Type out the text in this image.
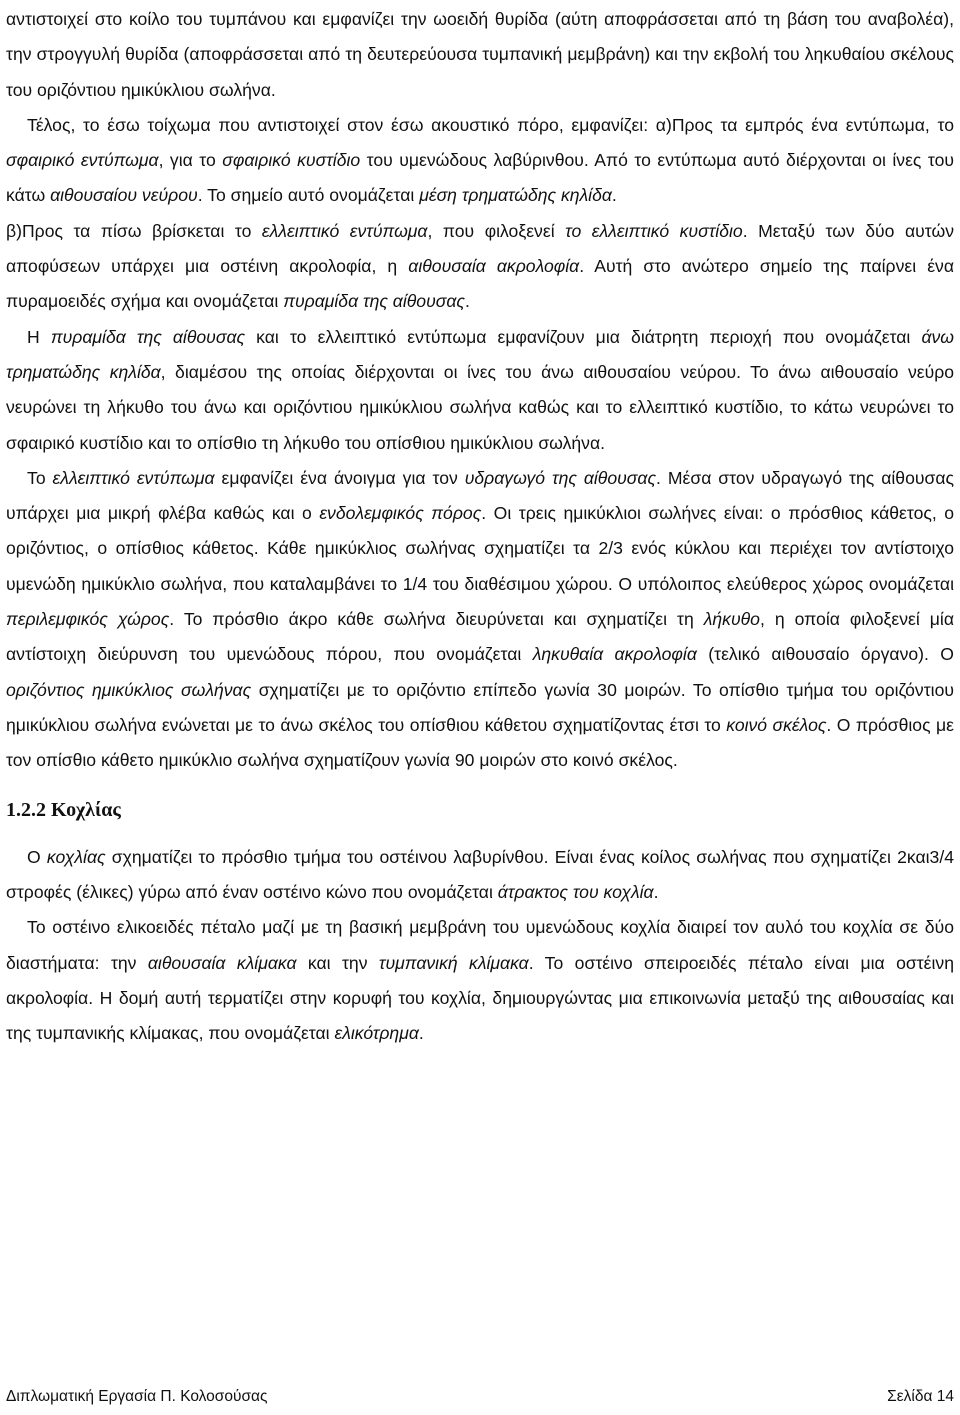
αντιστοιχεί στο κοίλο του τυμπάνου και εμφανίζει την ωοειδή θυρίδα (αύτη αποφράσσεται από τη βάση του αναβολέα), την στρογγυλή θυρίδα (αποφράσσεται από τη δευτερεύουσα τυμπανική μεμβράνη) και την εκβολή του ληκυθαίου σκέλους του οριζόντιου ημικύκλιου σωλήνα.

Τέλος, το έσω τοίχωμα που αντιστοιχεί στον έσω ακουστικό πόρο, εμφανίζει: α)Προς τα εμπρός ένα εντύπωμα, το σφαιρικό εντύπωμα, για το σφαιρικό κυστίδιο του υμενώδους λαβύρινθου. Από το εντύπωμα αυτό διέρχονται οι ίνες του κάτω αιθουσαίου νεύρου. Το σημείο αυτό ονομάζεται μέση τρηματώδης κηλίδα.

β)Προς τα πίσω βρίσκεται το ελλειπτικό εντύπωμα, που φιλοξενεί το ελλειπτικό κυστίδιο. Μεταξύ των δύο αυτών αποφύσεων υπάρχει μια οστέινη ακρολοφία, η αιθουσαία ακρολοφία. Αυτή στο ανώτερο σημείο της παίρνει ένα πυραμοειδές σχήμα και ονομάζεται πυραμίδα της αίθουσας.

Η πυραμίδα της αίθουσας και το ελλειπτικό εντύπωμα εμφανίζουν μια διάτρητη περιοχή που ονομάζεται άνω τρηματώδης κηλίδα, διαμέσου της οποίας διέρχονται οι ίνες του άνω αιθουσαίου νεύρου. Το άνω αιθουσαίο νεύρο νευρώνει τη λήκυθο του άνω και οριζόντιου ημικύκλιου σωλήνα καθώς και το ελλειπτικό κυστίδιο, το κάτω νευρώνει το σφαιρικό κυστίδιο και το οπίσθιο τη λήκυθο του οπίσθιου ημικύκλιου σωλήνα.

Το ελλειπτικό εντύπωμα εμφανίζει ένα άνοιγμα για τον υδραγωγό της αίθουσας. Μέσα στον υδραγωγό της αίθουσας υπάρχει μια μικρή φλέβα καθώς και ο ενδολεμφικός πόρος. Οι τρεις ημικύκλιοι σωλήνες είναι: ο πρόσθιος κάθετος, ο οριζόντιος, ο οπίσθιος κάθετος. Κάθε ημικύκλιος σωλήνας σχηματίζει τα 2/3 ενός κύκλου και περιέχει τον αντίστοιχο υμενώδη ημικύκλιο σωλήνα, που καταλαμβάνει το 1/4 του διαθέσιμου χώρου. Ο υπόλοιπος ελεύθερος χώρος ονομάζεται περιλεμφικός χώρος. Το πρόσθιο άκρο κάθε σωλήνα διευρύνεται και σχηματίζει τη λήκυθο, η οποία φιλοξενεί μία αντίστοιχη διεύρυνση του υμενώδους πόρου, που ονομάζεται ληκυθαία ακρολοφία (τελικό αιθουσαίο όργανο). Ο οριζόντιος ημικύκλιος σωλήνας σχηματίζει με το οριζόντιο επίπεδο γωνία 30 μοιρών. Το οπίσθιο τμήμα του οριζόντιου ημικύκλιου σωλήνα ενώνεται με το άνω σκέλος του οπίσθιου κάθετου σχηματίζοντας έτσι το κοινό σκέλος. Ο πρόσθιος με τον οπίσθιο κάθετο ημικύκλιο σωλήνα σχηματίζουν γωνία 90 μοιρών στο κοινό σκέλος.

1.2.2 Κοχλίας

Ο κοχλίας σχηματίζει το πρόσθιο τμήμα του οστέινου λαβυρίνθου. Είναι ένας κοίλος σωλήνας που σχηματίζει 2και3/4 στροφές (έλικες) γύρω από έναν οστέινο κώνο που ονομάζεται άτρακτος του κοχλία.

Το οστέινο ελικοειδές πέταλο μαζί με τη βασική μεμβράνη του υμενώδους κοχλία διαιρεί τον αυλό του κοχλία σε δύο διαστήματα: την αιθουσαία κλίμακα και την τυμπανική κλίμακα. Το οστέινο σπειροειδές πέταλο είναι μια οστέινη ακρολοφία. Η δομή αυτή τερματίζει στην κορυφή του κοχλία, δημιουργώντας μια επικοινωνία μεταξύ της αιθουσαίας και της τυμπανικής κλίμακας, που ονομάζεται ελικότρημα.

Διπλωματική Εργασία Π. Κολοσούσας	Σελίδα 14
